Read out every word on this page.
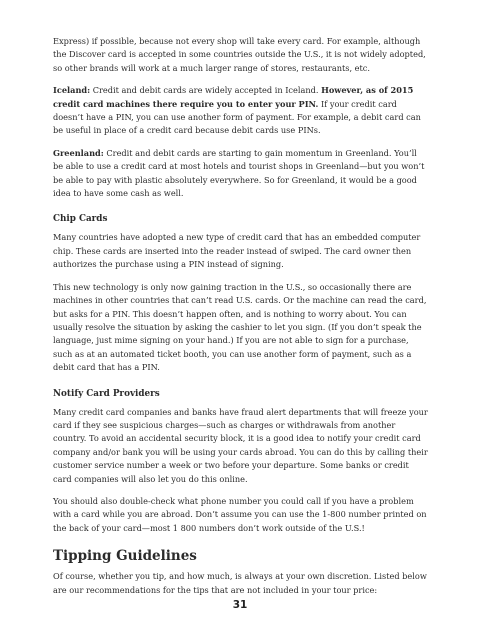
Express) if possible, because not every shop will take every card. For example, although the Discover card is accepted in some countries outside the U.S., it is not widely adopted, so other brands will work at a much larger range of stores, restaurants, etc.

Iceland: Credit and debit cards are widely accepted in Iceland. However, as of 2015 credit card machines there require you to enter your PIN. If your credit card doesn’t have a PIN, you can use another form of payment. For example, a debit card can be useful in place of a credit card because debit cards use PINs.

Greenland: Credit and debit cards are starting to gain momentum in Greenland. You’ll be able to use a credit card at most hotels and tourist shops in Greenland—but you won’t be able to pay with plastic absolutely everywhere. So for Greenland, it would be a good idea to have some cash as well.

Chip Cards

Many countries have adopted a new type of credit card that has an embedded computer chip. These cards are inserted into the reader instead of swiped. The card owner then authorizes the purchase using a PIN instead of signing.

This new technology is only now gaining traction in the U.S., so occasionally there are machines in other countries that can’t read U.S. cards. Or the machine can read the card, but asks for a PIN. This doesn’t happen often, and is nothing to worry about. You can usually resolve the situation by asking the cashier to let you sign. (If you don’t speak the language, just mime signing on your hand.) If you are not able to sign for a purchase, such as at an automated ticket booth, you can use another form of payment, such as a debit card that has a PIN.

Notify Card Providers

Many credit card companies and banks have fraud alert departments that will freeze your card if they see suspicious charges—such as charges or withdrawals from another country. To avoid an accidental security block, it is a good idea to notify your credit card company and/or bank you will be using your cards abroad. You can do this by calling their customer service number a week or two before your departure. Some banks or credit card companies will also let you do this online.

You should also double-check what phone number you could call if you have a problem with a card while you are abroad. Don’t assume you can use the 1-800 number printed on the back of your card—most 1 800 numbers don’t work outside of the U.S.!

Tipping Guidelines

Of course, whether you tip, and how much, is always at your own discretion. Listed below are our recommendations for the tips that are not included in your tour price:

31
